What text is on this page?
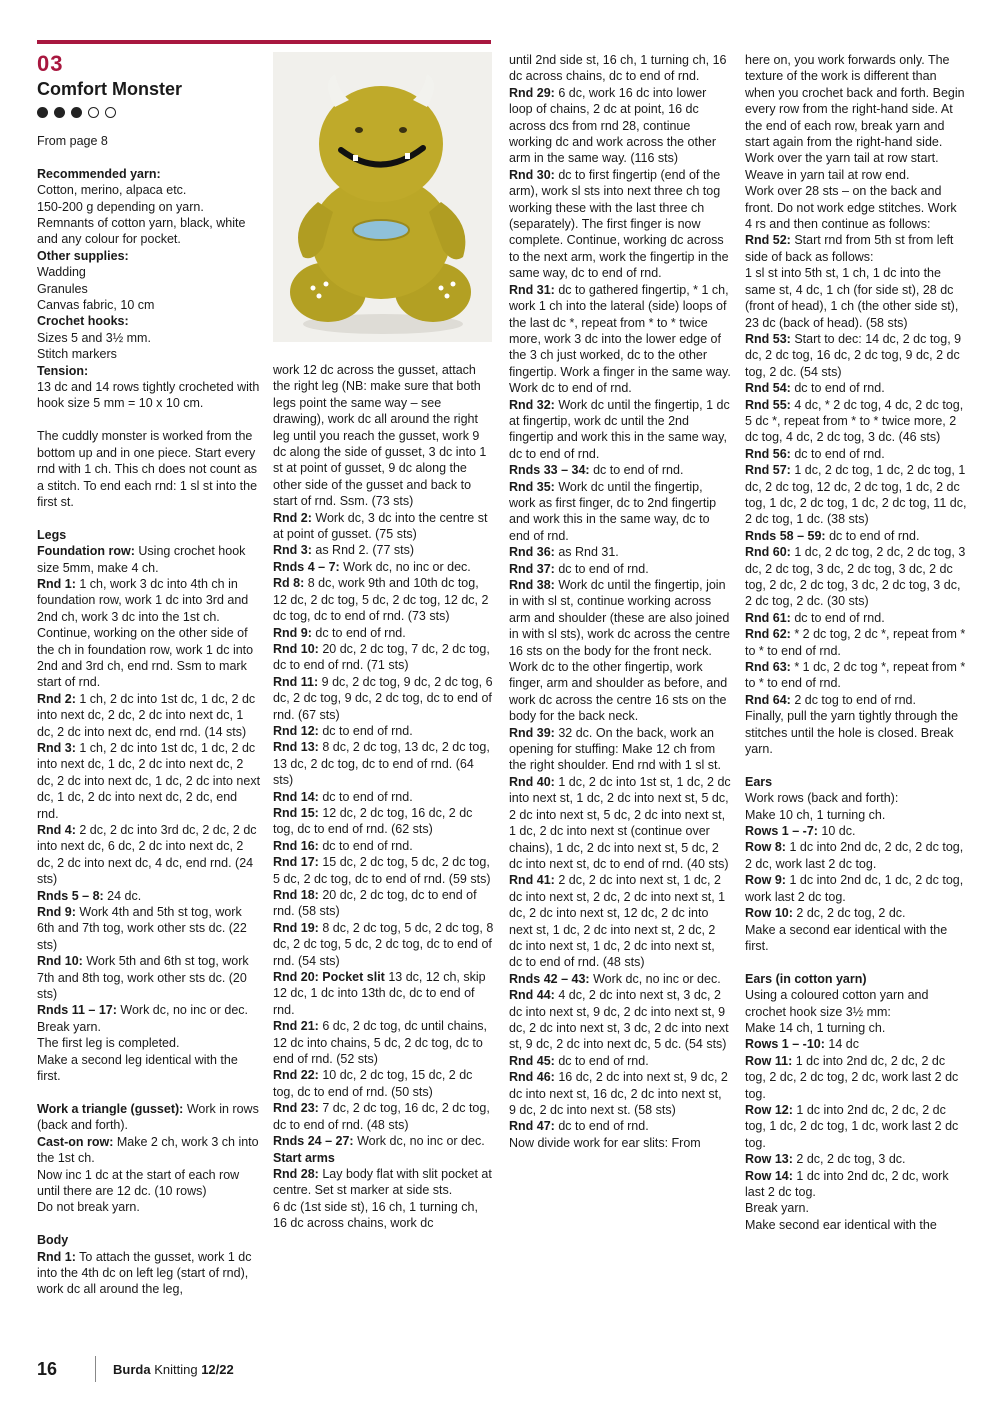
03
Comfort Monster

From page 8

Recommended yarn:

Cotton, merino, alpaca etc.

150-200 g depending on yarn.

Remnants of cotton yarn, black, white and any colour for pocket.

Other supplies:

Wadding

Granules

Canvas fabric, 10 cm

Crochet hooks:

Sizes 5 and 3½ mm.

Stitch markers

Tension:

13 dc and 14 rows tightly crocheted with hook size 5 mm = 10 x 10 cm.

The cuddly monster is worked from the bottom up and in one piece. Start every rnd with 1 ch. This ch does not count as a stitch. To end each rnd: 1 sl st into the first st.

Legs

Foundation row: Using crochet hook size 5mm, make 4 ch.

Rnd 1: 1 ch, work 3 dc into 4th ch in foundation row, work 1 dc into 3rd and 2nd ch, work 3 dc into the 1st ch. Continue, working on the other side of the ch in foundation row, work 1 dc into 2nd and 3rd ch, end rnd. Ssm to mark start of rnd.

Rnd 2: 1 ch, 2 dc into 1st dc, 1 dc, 2 dc into next dc, 2 dc, 2 dc into next dc, 1 dc, 2 dc into next dc, end rnd. (14 sts)

Rnd 3: 1 ch, 2 dc into 1st dc, 1 dc, 2 dc into next dc, 1 dc, 2 dc into next dc, 2 dc, 2 dc into next dc, 1 dc, 2 dc into next dc, 1 dc, 2 dc into next dc, 2 dc, end rnd.

Rnd 4: 2 dc, 2 dc into 3rd dc, 2 dc, 2 dc into next dc, 6 dc, 2 dc into next dc, 2 dc, 2 dc into next dc, 4 dc, end rnd. (24 sts)

Rnds 5 – 8: 24 dc.

Rnd 9: Work 4th and 5th st tog, work 6th and 7th tog, work other sts dc. (22 sts)

Rnd 10: Work 5th and 6th st tog, work 7th and 8th tog, work other sts dc. (20 sts)

Rnds 11 – 17: Work dc, no inc or dec. Break yarn.

The first leg is completed.

Make a second leg identical with the first.

Work a triangle (gusset): Work in rows (back and forth).

Cast-on row: Make 2 ch, work 3 ch into the 1st ch.

Now inc 1 dc at the start of each row until there are 12 dc. (10 rows)

Do not break yarn.

Body

Rnd 1: To attach the gusset, work 1 dc into the 4th dc on left leg (start of rnd), work dc all around the leg,

work 12 dc across the gusset, attach the right leg (NB: make sure that both legs point the same way – see drawing), work dc all around the right leg until you reach the gusset, work 9 dc along the side of gusset, 3 dc into 1 st at point of gusset, 9 dc along the other side of the gusset and back to start of rnd. Ssm. (73 sts)

Rnd 2: Work dc, 3 dc into the centre st at point of gusset. (75 sts)

Rnd 3: as Rnd 2. (77 sts)

Rnds 4 – 7: Work dc, no inc or dec.

Rd 8: 8 dc, work 9th and 10th dc tog, 12 dc, 2 dc tog, 5 dc, 2 dc tog, 12 dc, 2 dc tog, dc to end of rnd. (73 sts)

Rnd 9: dc to end of rnd.

Rnd 10: 20 dc, 2 dc tog, 7 dc, 2 dc tog, dc to end of rnd. (71 sts)

Rnd 11: 9 dc, 2 dc tog, 9 dc, 2 dc tog, 6 dc, 2 dc tog, 9 dc, 2 dc tog, dc to end of rnd. (67 sts)

Rnd 12: dc to end of rnd.

Rnd 13: 8 dc, 2 dc tog, 13 dc, 2 dc tog, 13 dc, 2 dc tog, dc to end of rnd. (64 sts)

Rnd 14: dc to end of rnd.

Rnd 15: 12 dc, 2 dc tog, 16 dc, 2 dc tog, dc to end of rnd. (62 sts)

Rnd 16: dc to end of rnd.

Rnd 17: 15 dc, 2 dc tog, 5 dc, 2 dc tog, 5 dc, 2 dc tog, dc to end of rnd. (59 sts)

Rnd 18: 20 dc, 2 dc tog, dc to end of rnd. (58 sts)

Rnd 19: 8 dc, 2 dc tog, 5 dc, 2 dc tog, 8 dc, 2 dc tog, 5 dc, 2 dc tog, dc to end of rnd. (54 sts)

Rnd 20: Pocket slit 13 dc, 12 ch, skip 12 dc, 1 dc into 13th dc, dc to end of rnd.

Rnd 21: 6 dc, 2 dc tog, dc until chains, 12 dc into chains, 5 dc, 2 dc tog, dc to end of rnd. (52 sts)

Rnd 22: 10 dc, 2 dc tog, 15 dc, 2 dc tog, dc to end of rnd. (50 sts)

Rnd 23: 7 dc, 2 dc tog, 16 dc, 2 dc tog, dc to end of rnd. (48 sts)

Rnds 24 – 27: Work dc, no inc or dec.

Start arms

Rnd 28: Lay body flat with slit pocket at centre. Set st marker at side sts.

6 dc (1st side st), 16 ch, 1 turning ch, 16 dc across chains, work dc

until 2nd side st, 16 ch, 1 turning ch, 16 dc across chains, dc to end of rnd.

Rnd 29: 6 dc, work 16 dc into lower loop of chains, 2 dc at point, 16 dc across dcs from rnd 28, continue working dc and work across the other arm in the same way. (116 sts)

Rnd 30: dc to first fingertip (end of the arm), work sl sts into next three ch tog working these with the last three ch (separately). The first finger is now complete. Continue, working dc across to the next arm, work the fingertip in the same way, dc to end of rnd.

Rnd 31: dc to gathered fingertip, * 1 ch, work 1 ch into the lateral (side) loops of the last dc *, repeat from * to * twice more, work 3 dc into the lower edge of the 3 ch just worked, dc to the other fingertip. Work a finger in the same way. Work dc to end of rnd.

Rnd 32: Work dc until the fingertip, 1 dc at fingertip, work dc until the 2nd fingertip and work this in the same way, dc to end of rnd.

Rnds 33 – 34: dc to end of rnd.

Rnd 35: Work dc until the fingertip, work as first finger, dc to 2nd fingertip and work this in the same way, dc to end of rnd.

Rnd 36: as Rnd 31.

Rnd 37: dc to end of rnd.

Rnd 38: Work dc until the fingertip, join in with sl st, continue working across arm and shoulder (these are also joined in with sl sts), work dc across the centre 16 sts on the body for the front neck. Work dc to the other fingertip, work finger, arm and shoulder as before, and work dc across the centre 16 sts on the body for the back neck.

Rnd 39: 32 dc. On the back, work an opening for stuffing: Make 12 ch from the right shoulder. End rnd with 1 sl st.

Rnd 40: 1 dc, 2 dc into 1st st, 1 dc, 2 dc into next st, 1 dc, 2 dc into next st, 5 dc, 2 dc into next st, 5 dc, 2 dc into next st, 1 dc, 2 dc into next st (continue over chains), 1 dc, 2 dc into next st, 5 dc, 2 dc into next st, dc to end of rnd. (40 sts)

Rnd 41: 2 dc, 2 dc into next st, 1 dc, 2 dc into next st, 2 dc, 2 dc into next st, 1 dc, 2 dc into next st, 12 dc, 2 dc into next st, 1 dc, 2 dc into next st, 2 dc, 2 dc into next st, 1 dc, 2 dc into next st, dc to end of rnd. (48 sts)

Rnds 42 – 43: Work dc, no inc or dec.

Rnd 44: 4 dc, 2 dc into next st, 3 dc, 2 dc into next st, 9 dc, 2 dc into next st, 9 dc, 2 dc into next st, 3 dc, 2 dc into next st, 9 dc, 2 dc into next dc, 5 dc. (54 sts)

Rnd 45: dc to end of rnd.

Rnd 46: 16 dc, 2 dc into next st, 9 dc, 2 dc into next st, 16 dc, 2 dc into next st, 9 dc, 2 dc into next st. (58 sts)

Rnd 47: dc to end of rnd.

Now divide work for ear slits: From

here on, you work forwards only. The texture of the work is different than when you crochet back and forth. Begin every row from the right-hand side. At the end of each row, break yarn and start again from the right-hand side. Work over the yarn tail at row start. Weave in yarn tail at row end.

Work over 28 sts – on the back and front. Do not work edge stitches. Work 4 rs and then continue as follows:

Rnd 52: Start rnd from 5th st from left side of back as follows:

1 sl st into 5th st, 1 ch, 1 dc into the same st, 4 dc, 1 ch (for side st), 28 dc (front of head), 1 ch (the other side st), 23 dc (back of head). (58 sts)

Rnd 53: Start to dec: 14 dc, 2 dc tog, 9 dc, 2 dc tog, 16 dc, 2 dc tog, 9 dc, 2 dc tog, 2 dc. (54 sts)

Rnd 54: dc to end of rnd.

Rnd 55: 4 dc, * 2 dc tog, 4 dc, 2 dc tog, 5 dc *, repeat from * to * twice more, 2 dc tog, 4 dc, 2 dc tog, 3 dc. (46 sts)

Rnd 56: dc to end of rnd.

Rnd 57: 1 dc, 2 dc tog, 1 dc, 2 dc tog, 1 dc, 2 dc tog, 12 dc, 2 dc tog, 1 dc, 2 dc tog, 1 dc, 2 dc tog, 1 dc, 2 dc tog, 11 dc, 2 dc tog, 1 dc. (38 sts)

Rnds 58 – 59: dc to end of rnd.

Rnd 60: 1 dc, 2 dc tog, 2 dc, 2 dc tog, 3 dc, 2 dc tog, 3 dc, 2 dc tog, 3 dc, 2 dc tog, 2 dc, 2 dc tog, 3 dc, 2 dc tog, 3 dc, 2 dc tog, 2 dc. (30 sts)

Rnd 61: dc to end of rnd.

Rnd 62: * 2 dc tog, 2 dc *, repeat from * to * to end of rnd.

Rnd 63: * 1 dc, 2 dc tog *, repeat from * to * to end of rnd.

Rnd 64: 2 dc tog to end of rnd.

Finally, pull the yarn tightly through the stitches until the hole is closed. Break yarn.

Ears

Work rows (back and forth):

Make 10 ch, 1 turning ch.

Rows 1 – -7: 10 dc.

Row 8: 1 dc into 2nd dc, 2 dc, 2 dc tog, 2 dc, work last 2 dc tog.

Row 9: 1 dc into 2nd dc, 1 dc, 2 dc tog, work last 2 dc tog.

Row 10: 2 dc, 2 dc tog, 2 dc.

Make a second ear identical with the first.

Ears (in cotton yarn)

Using a coloured cotton yarn and crochet hook size 3½ mm:

Make 14 ch, 1 turning ch.

Rows 1 – -10: 14 dc

Row 11: 1 dc into 2nd dc, 2 dc, 2 dc tog, 2 dc, 2 dc tog, 2 dc, work last 2 dc tog.

Row 12: 1 dc into 2nd dc, 2 dc, 2 dc tog, 1 dc, 2 dc tog, 1 dc, work last 2 dc tog.

Row 13: 2 dc, 2 dc tog, 3 dc.

Row 14: 1 dc into 2nd dc, 2 dc, work last 2 dc tog.

Break yarn.

Make second ear identical with the

16	Burda Knitting 12/22
